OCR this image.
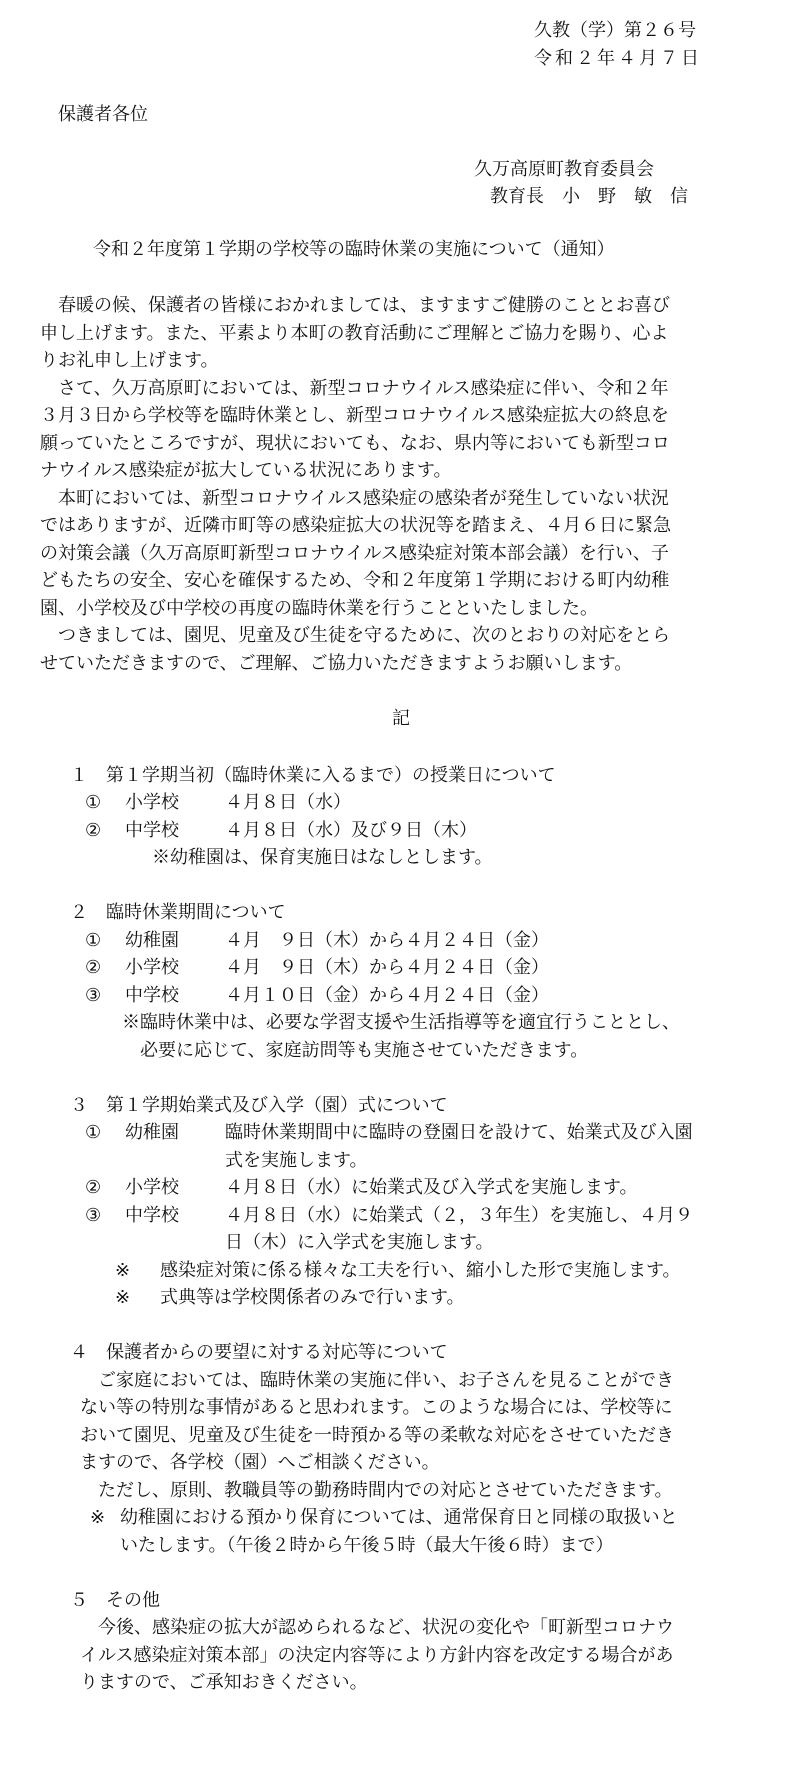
久教（学）第２６号
令和２年４月７日
保護者各位
久万高原町教育委員会
教育長　小　野　敏　信
令和２年度第１学期の学校等の臨時休業の実施について（通知）
　春暖の候、保護者の皆様におかれましては、ますますご健勝のこととお喜び
申し上げます。また、平素より本町の教育活動にご理解とご協力を賜り、心よ
りお礼申し上げます。
　さて、久万高原町においては、新型コロナウイルス感染症に伴い、令和２年
３月３日から学校等を臨時休業とし、新型コロナウイルス感染症拡大の終息を
願っていたところですが、現状においても、なお、県内等においても新型コロ
ナウイルス感染症が拡大している状況にあります。
　本町においては、新型コロナウイルス感染症の感染者が発生していない状況
ではありますが、近隣市町等の感染症拡大の状況等を踏まえ、４月６日に緊急
の対策会議（久万高原町新型コロナウイルス感染症対策本部会議）を行い、子
どもたちの安全、安心を確保するため、令和２年度第１学期における町内幼稚
園、小学校及び中学校の再度の臨時休業を行うことといたしました。
　つきましては、園児、児童及び生徒を守るために、次のとおりの対応をとら
せていただきますので、ご理解、ご協力いただきますようお願いします。
記
１　第１学期当初（臨時休業に入るまで）の授業日について
① 小学校	４月８日（水）
② 中学校	４月８日（水）及び９日（木）
※幼稚園は、保育実施日はなしとします。
２　臨時休業期間について
① 幼稚園	４月　９日（木）から４月２４日（金）
② 小学校	４月　９日（木）から４月２４日（金）
③ 中学校	４月１０日（金）から４月２４日（金）
※臨時休業中は、必要な学習支援や生活指導等を適宜行うこととし、
必要に応じて、家庭訪問等も実施させていただきます。
３　第１学期始業式及び入学（園）式について
① 幼稚園	臨時休業期間中に臨時の登園日を設けて、始業式及び入園
式を実施します。
② 小学校	４月８日（水）に始業式及び入学式を実施します。
③ 中学校	４月８日（水）に始業式（２，３年生）を実施し、４月９
日（木）に入学式を実施します。
※ 感染症対策に係る様々な工夫を行い、縮小した形で実施します。
※ 式典等は学校関係者のみで行います。
４　保護者からの要望に対する対応等について
ご家庭においては、臨時休業の実施に伴い、お子さんを見ることができ
ない等の特別な事情があると思われます。このような場合には、学校等に
おいて園児、児童及び生徒を一時預かる等の柔軟な対応をさせていただき
ますので、各学校（園）へご相談ください。
ただし、原則、教職員等の勤務時間内での対応とさせていただきます。
※ 幼稚園における預かり保育については、通常保育日と同様の取扱いと
いたします。（午後２時から午後５時（最大午後６時）まで）
５　その他
今後、感染症の拡大が認められるなど、状況の変化や「町新型コロナウ
イルス感染症対策本部」の決定内容等により方針内容を改定する場合があ
りますので、ご承知おきください。
